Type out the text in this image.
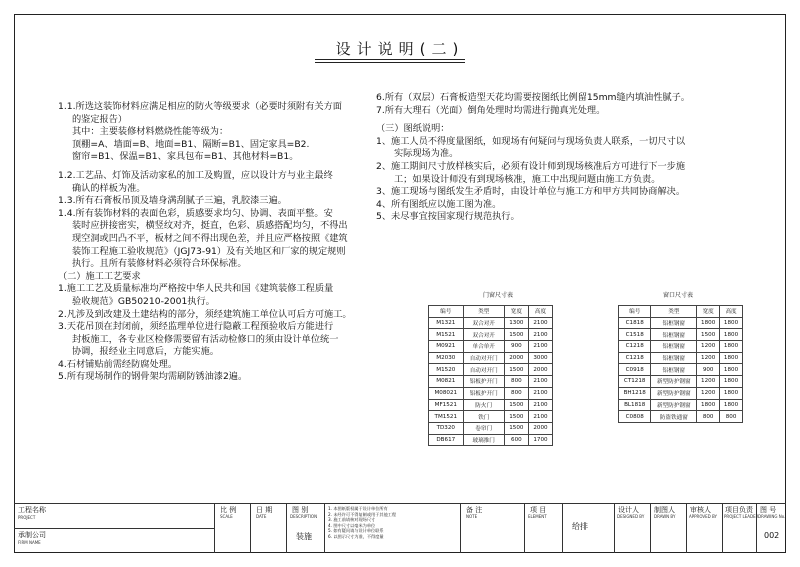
设计说明(二)
1.1.所选这装饰材料应满足相应的防火等级要求（必要时须附有关方面
的鉴定报告）
其中：主要装修材料燃烧性能等级为：
顶棚=A、墙面=B、地面=B1、隔断=B1、固定家具=B2.
窗帘=B1、保温=B1、家具包布=B1、其他材料=B1。
1.2.工艺品、灯饰及活动家私的加工及购置，应以设计方与业主最终
确认的样板为准。
1.3.所有石膏板吊顶及墙身满刮腻子三遍，乳胶漆三遍。
1.4.所有装饰材料的表面色彩，质感要求均匀、协调、表面平整。安
装时应拼接密实，横竖纹对齐，挺直，色彩、质感搭配均匀，不得出
现空洞或凹凸不平，板材之间不得出现色差，并且应严格按照《建筑
装饰工程施工验收规范》（JGJ73-91）及有关地区和厂家的规定规则
执行。且所有装修材料必须符合环保标准。
（二）施工工艺要求
1.施工工艺及质量标准均严格按中华人民共和国《建筑装修工程质量
验收规范》GB50210-2001执行。
2.凡涉及到改建及土建结构的部分，须经建筑施工单位认可后方可施工。
3.天花吊顶在封闭前，须经监理单位进行隐蔽工程预验收后方能进行
封板施工，各专业区检修需要留有活动检修口的须由设计单位统一
协调，报经业主同意后，方能实施。
4.石材铺贴前需经防腐处理。
5.所有现场制作的钢骨架均需刷防锈油漆2遍。
6.所有（双层）石膏板造型天花均需要按图纸比例留15mm缝内填油性腻子。
7.所有大理石（光面）倒角处理时均需进行抛真光处理。
（三）图纸说明：
1、施工人员不得度量图纸，如现场有何疑问与现场负责人联系，一切尺寸以
实际现场为准。
2、施工期间尺寸放样核实后，必须有设计师到现场核准后方可进行下一步施
工；如果设计师没有到现场核准，施工中出现问题由施工方负责。
3、施工现场与图纸发生矛盾时，由设计单位与施工方和甲方共同协商解决。
4、所有图纸应以施工图为准。
5、未尽事宜按国家现行规范执行。
门窗尺寸表
编号	类型	宽度	高度
M1321	双合对开	1300	2100
M1521	双合对开	1500	2100
M0921	单合单开	900	2100
M2030	自动对开门	2000	3000
M1520	自动对开门	1500	2000
M0821	铝板护开门	800	2100
M08021	铝板护开门	800	2100
MF1521	防火门	1500	2100
TM1521	铁门	1500	2100
TD320	卷帘门	1500	2000
DB617	玻璃推门	600	1700
窗口尺寸表
编号	类型	宽度	高度
C1818	铝框钢窗	1800	1800
C1518	铝框钢窗	1500	1800
C1218	铝框钢窗	1200	1800
C1218	铝框钢窗	1200	1800
C0918	铝框钢窗	900	1800
CT1218	新型防护钢窗	1200	1800
BH1218	新型防护钢窗	1200	1800
BL1818	新型防护钢窗	1800	1800
C0808	防盗铁通窗	800	800
工程名称
PROJECT
承制公司
FIRM NAME
比 例
SCALE
日 期
DATE
图 别
DESCRIPTION
装施
1. 本图纸版权属于设计单位所有
2. 未经许可不得复制或用于其他工程
3. 施工前请核对现场尺寸
4. 图中尺寸以毫米为单位
5. 如有疑问请与设计单位联系
6. 以图示尺寸为准，不得度量
备 注
NOTE
项 目
ELEMENT
给排
设计人
DESIGNED BY
制图人
DRAWN BY
审核人
APPROVED BY
项目负责
PROJECT LEADER
图 号
DRAWING No.
002
